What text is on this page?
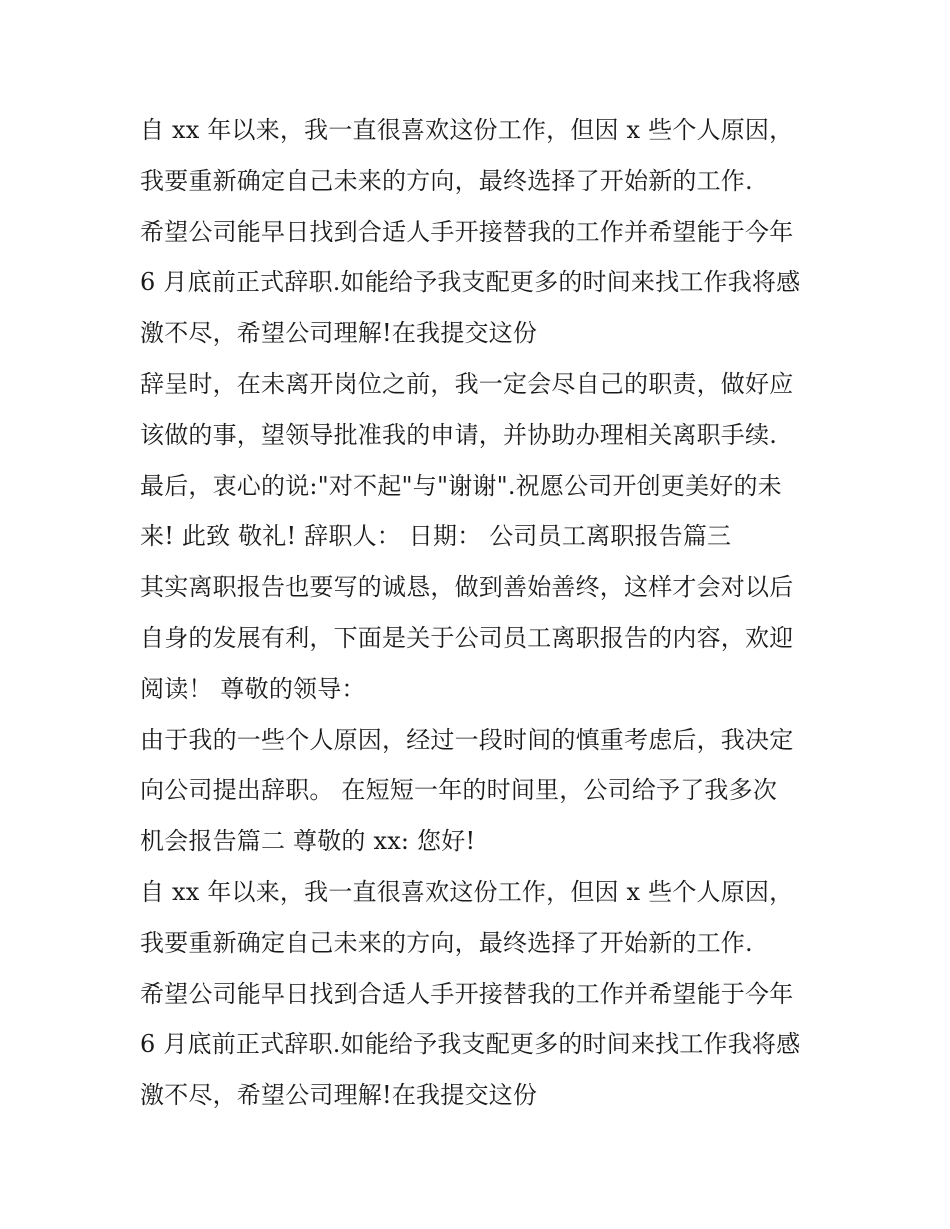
自 xx 年以来，我一直很喜欢这份工作，但因 x 些个人原因，
我要重新确定自己未来的方向，最终选择了开始新的工作.
希望公司能早日找到合适人手开接替我的工作并希望能于今年
6 月底前正式辞职.如能给予我支配更多的时间来找工作我将感
激不尽，希望公司理解!在我提交这份
辞呈时，在未离开岗位之前，我一定会尽自己的职责，做好应
该做的事，望领导批准我的申请，并协助办理相关离职手续.
最后，衷心的说:"对不起"与"谢谢".祝愿公司开创更美好的未
来! 此致 敬礼! 辞职人： 日期： 公司员工离职报告篇三
其实离职报告也要写的诚恳，做到善始善终，这样才会对以后
自身的发展有利，下面是关于公司员工离职报告的内容，欢迎
阅读！ 尊敬的领导：
由于我的一些个人原因，经过一段时间的慎重考虑后，我决定
向公司提出辞职。 在短短一年的时间里，公司给予了我多次
机会报告篇二 尊敬的 xx: 您好!
自 xx 年以来，我一直很喜欢这份工作，但因 x 些个人原因，
我要重新确定自己未来的方向，最终选择了开始新的工作.
希望公司能早日找到合适人手开接替我的工作并希望能于今年
6 月底前正式辞职.如能给予我支配更多的时间来找工作我将感
激不尽，希望公司理解!在我提交这份
